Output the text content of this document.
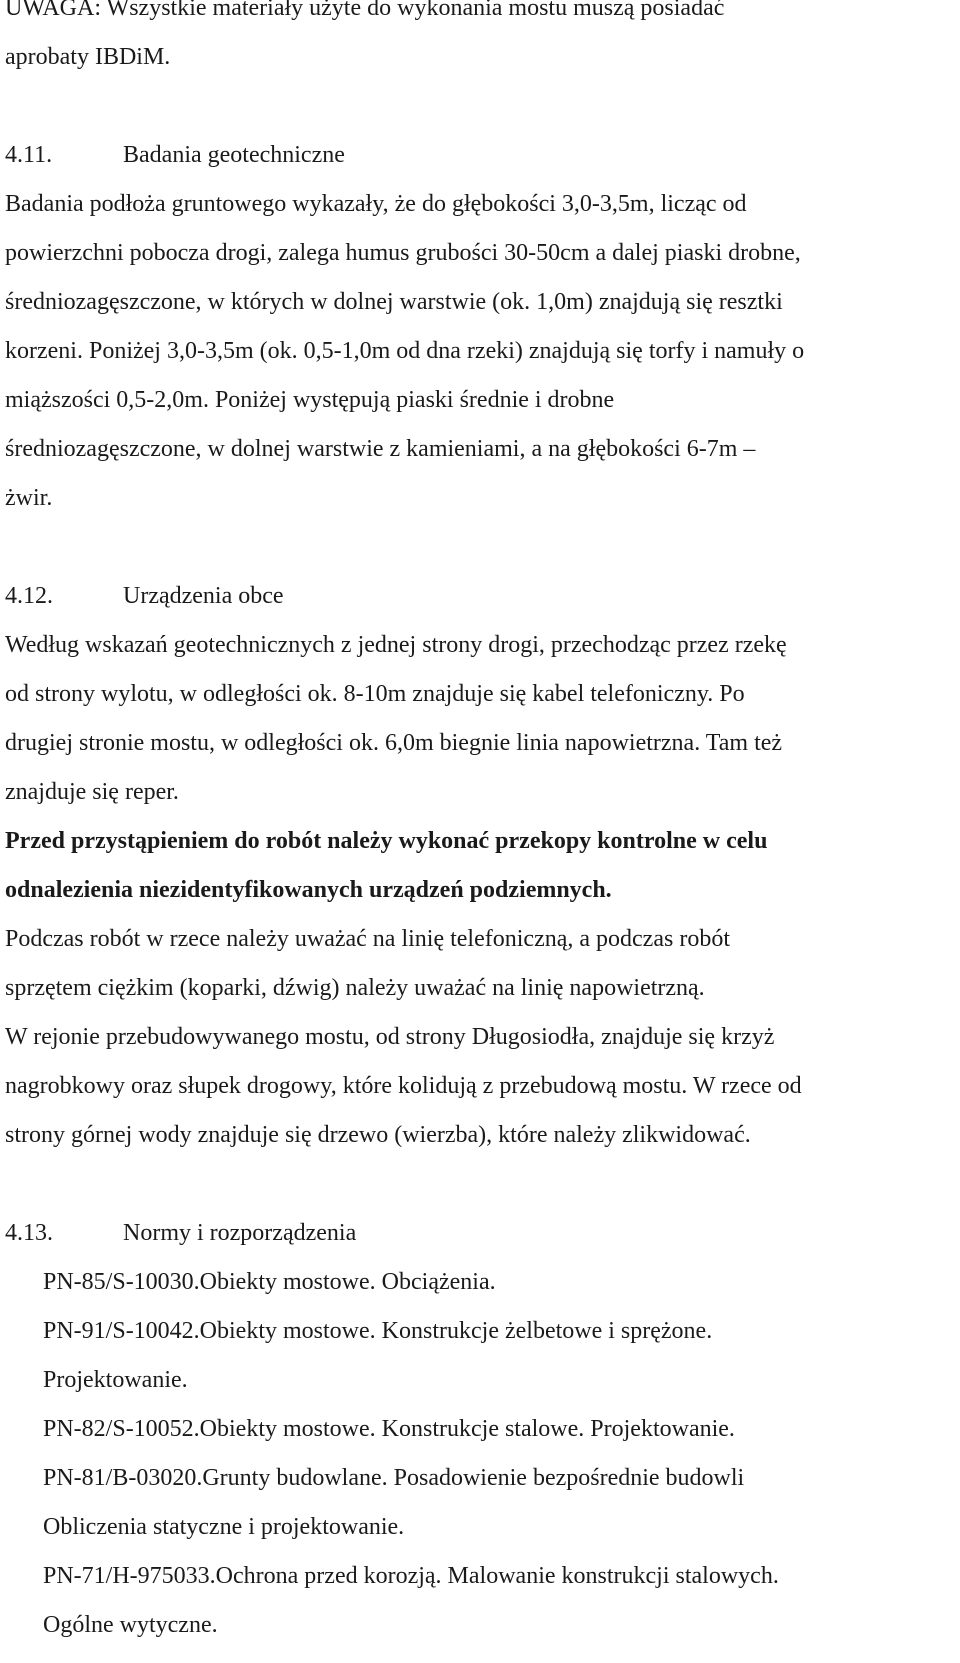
UWAGA: Wszystkie materiały użyte do wykonania mostu muszą posiadać
aprobaty IBDiM.
4.11.	Badania geotechniczne
Badania podłoża gruntowego wykazały, że do głębokości 3,0-3,5m, licząc od
powierzchni pobocza drogi, zalega humus grubości 30-50cm a dalej piaski drobne,
średniozagęszczone, w których w dolnej warstwie (ok. 1,0m) znajdują się resztki
korzeni. Poniżej 3,0-3,5m (ok. 0,5-1,0m od dna rzeki) znajdują się torfy i namuły o
miąższości 0,5-2,0m. Poniżej występują piaski średnie i drobne
średniozagęszczone, w dolnej warstwie z kamieniami, a na głębokości 6-7m –
żwir.
4.12.	Urządzenia obce
Według wskazań geotechnicznych z jednej strony drogi, przechodząc przez rzekę
od strony wylotu, w odległości ok. 8-10m znajduje się kabel telefoniczny. Po
drugiej stronie mostu, w odległości ok. 6,0m biegnie linia napowietrzna. Tam też
znajduje się reper.
Przed przystąpieniem do robót należy wykonać przekopy kontrolne w celu
odnalezienia niezidentyfikowanych urządzeń podziemnych.
Podczas robót w rzece należy uważać na linię telefoniczną, a podczas robót
sprzętem ciężkim (koparki, dźwig) należy uważać na linię napowietrzną.
W rejonie przebudowywanego mostu, od strony Długosiodła, znajduje się krzyż
nagrobkowy oraz słupek drogowy, które kolidują z przebudową mostu. W rzece od
strony górnej wody znajduje się drzewo (wierzba), które należy zlikwidować.
4.13.	Normy i rozporządzenia
PN-85/S-10030.Obiekty mostowe. Obciążenia.
PN-91/S-10042.Obiekty mostowe. Konstrukcje żelbetowe i sprężone.
Projektowanie.
PN-82/S-10052.Obiekty mostowe. Konstrukcje stalowe. Projektowanie.
PN-81/B-03020.Grunty budowlane. Posadowienie bezpośrednie budowli
Obliczenia statyczne i projektowanie.
PN-71/H-975033.Ochrona przed korozją. Malowanie konstrukcji stalowych.
Ogólne wytyczne.
